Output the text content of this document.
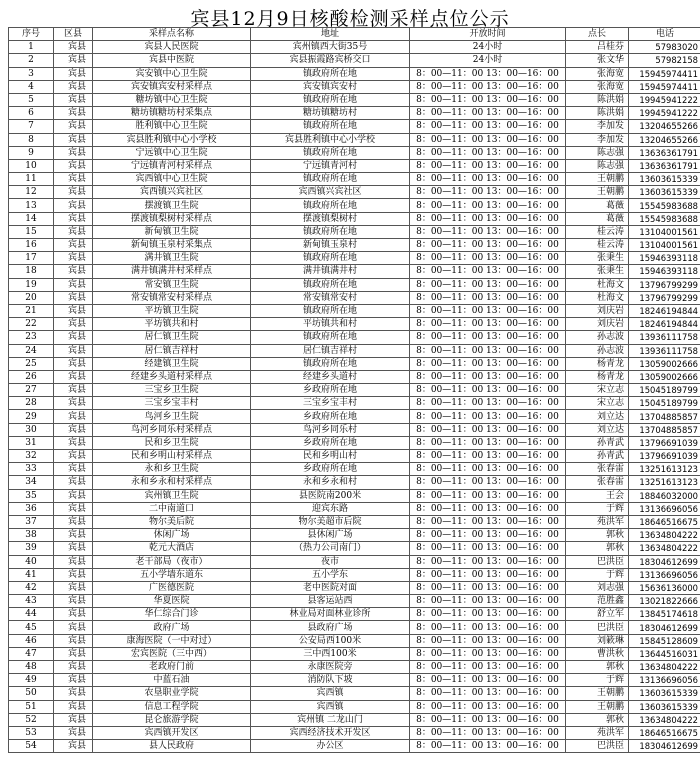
宾县12月9日核酸检测采样点位公示
序号	区县	采样点名称	地址	开放时间	点长	电话
1	宾县	宾县人民医院	宾州镇西大街35号	24小时	吕桂芬	57983020
2	宾县	宾县中医院	宾县振霞路宾桥交口	24小时	张文华	57982158
3	宾县	宾安镇中心卫生院	镇政府所在地	8：00—11：00 13：00—16：00	张海宽	15945974411
4	宾县	宾安镇宾安村采样点	宾安镇宾安村	8：00—11：00 13：00—16：00	张海宽	15945974411
5	宾县	糖坊镇中心卫生院	镇政府所在地	8：00—11：00 13：00—16：00	陈洪娟	19945941222
6	宾县	糖坊镇糖坊村采集点	糖坊镇糖坊村	8：00—11：00 13：00—16：00	陈洪娟	19945941222
7	宾县	胜利镇中心卫生院	镇政府所在地	8：00—11：00 13：00—16：00	李加发	13204655266
8	宾县	宾县胜利镇中心小学校	宾县胜利镇中心小学校	8：00—11：00 13：00—16：00	李加发	13204655266
9	宾县	宁远镇中心卫生院	镇政府所在地	8：00—11：00 13：00—16：00	陈志强	13636361791
10	宾县	宁远镇青河村采样点	宁远镇青河村	8：00—11：00 13：00—16：00	陈志强	13636361791
11	宾县	宾西镇中心卫生院	镇政府所在地	8：00—11：00 13：00—16：00	王朝鹏	13603615339
12	宾县	宾西镇兴宾社区	宾西镇兴宾社区	8：00—11：00 13：00—16：00	王朝鹏	13603615339
13	宾县	摆渡镇卫生院	镇政府所在地	8：00—11：00 13：00—16：00	葛薇	15545983688
14	宾县	摆渡镇梨树村采样点	摆渡镇梨树村	8：00—11：00 13：00—16：00	葛薇	15545983688
15	宾县	新甸镇卫生院	镇政府所在地	8：00—11：00 13：00—16：00	桂云涛	13104001561
16	宾县	新甸镇玉泉村采集点	新甸镇玉泉村	8：00—11：00 13：00—16：00	桂云涛	13104001561
17	宾县	满井镇卫生院	镇政府所在地	8：00—11：00 13：00—16：00	张秉生	15946393118
18	宾县	满井镇满井村采样点	满井镇满井村	8：00—11：00 13：00—16：00	张秉生	15946393118
19	宾县	常安镇卫生院	镇政府所在地	8：00—11：00 13：00—16：00	杜海文	13796799299
20	宾县	常安镇常安村采样点	常安镇常安村	8：00—11：00 13：00—16：00	杜海文	13796799299
21	宾县	平坊镇卫生院	镇政府所在地	8：00—11：00 13：00—16：00	刘庆岩	18246194844
22	宾县	平坊镇共和村	平坊镇共和村	8：00—11：00 13：00—16：00	刘庆岩	18246194844
23	宾县	居仁镇卫生院	镇政府所在地	8：00—11：00 13：00—16：00	孙志波	13936111758
24	宾县	居仁镇吉祥村	居仁镇吉祥村	8：00—11：00 13：00—16：00	孙志波	13936111758
25	宾县	经建镇卫生院	镇政府所在地	8：00—11：00 13：00—16：00	杨青龙	13059002666
26	宾县	经建乡头道村采样点	经建乡头道村	8：00—11：00 13：00—16：00	杨青龙	13059002666
27	宾县	三宝乡卫生院	乡政府所在地	8：00—11：00 13：00—16：00	宋立志	15045189799
28	宾县	三宝乡宝丰村	三宝乡宝丰村	8：00—11：00 13：00—16：00	宋立志	15045189799
29	宾县	鸟河乡卫生院	乡政府所在地	8：00—11：00 13：00—16：00	刘立达	13704885857
30	宾县	鸟河乡同乐村采样点	鸟河乡同乐村	8：00—11：00 13：00—16：00	刘立达	13704885857
31	宾县	民和乡卫生院	乡政府所在地	8：00—11：00 13：00—16：00	孙青武	13796691039
32	宾县	民和乡明山村采样点	民和乡明山村	8：00—11：00 13：00—16：00	孙青武	13796691039
33	宾县	永和乡卫生院	乡政府所在地	8：00—11：00 13：00—16：00	张春雷	13251613123
34	宾县	永和乡永和村采样点	永和乡永和村	8：00—11：00 13：00—16：00	张春雷	13251613123
35	宾县	宾州镇卫生院	县医院南200米	8：00—11：00 13：00—16：00	王会	18846032000
36	宾县	二中南道口	迎宾东路	8：00—11：00 13：00—16：00	于辉	13136696056
37	宾县	物尔美后院	物尔美超市后院	8：00—11：00 13：00—16：00	苑洪军	18646516675
38	宾县	休闲广场	县休闲广场	8：00—11：00 13：00—16：00	郭秋	13634804222
39	宾县	乾元大酒店	（热力公司南门）	8：00—11：00 13：00—16：00	郭秋	13634804222
40	宾县	老干部局（夜市）	夜市	8：00—11：00 13：00—16：00	巴洪臣	18304612699
41	宾县	五小学墙东道东	五小学东	8：00—11：00 13：00—16：00	于辉	13136696056
42	宾县	广医德医院	老中医院对面	8：00—11：00 13：00—16：00	刘志强	15636136000
43	宾县	华夏医院	县客运站西	8：00—11：00 13：00—16：00	范胜鑫	13021822666
44	宾县	华仁综合门诊	林业局对面林业诊所	8：00—11：00 13：00—16：00	舒立军	13845174618
45	宾县	政府广场	县政府广场	8：00—11：00 13：00—16：00	巴洪臣	18304612699
46	宾县	康海医院（一中对过）	公安局西100米	8：00—11：00 13：00—16：00	刘簌琳	15845128609
47	宾县	宏宾医院（三中西）	三中西100米	8：00—11：00 13：00—16：00	曹洪秋	13644516031
48	宾县	老政府门前	永康医院旁	8：00—11：00 13：00—16：00	郭秋	13634804222
49	宾县	中蓝石油	消防队下坡	8：00—11：00 13：00—16：00	于辉	13136696056
50	宾县	农垦职业学院	宾西镇	8：00—11：00 13：00—16：00	王朝鹏	13603615339
51	宾县	信息工程学院	宾西镇	8：00—11：00 13：00—16：00	王朝鹏	13603615339
52	宾县	昆仑旅游学院	宾州镇 二龙山门	8：00—11：00 13：00—16：00	郭秋	13634804222
53	宾县	宾西镇开发区	宾西经济技术开发区	8：00—11：00 13：00—16：00	苑洪军	18646516675
54	宾县	县人民政府	办公区	8：00—11：00 13：00—16：00	巴洪臣	18304612699
